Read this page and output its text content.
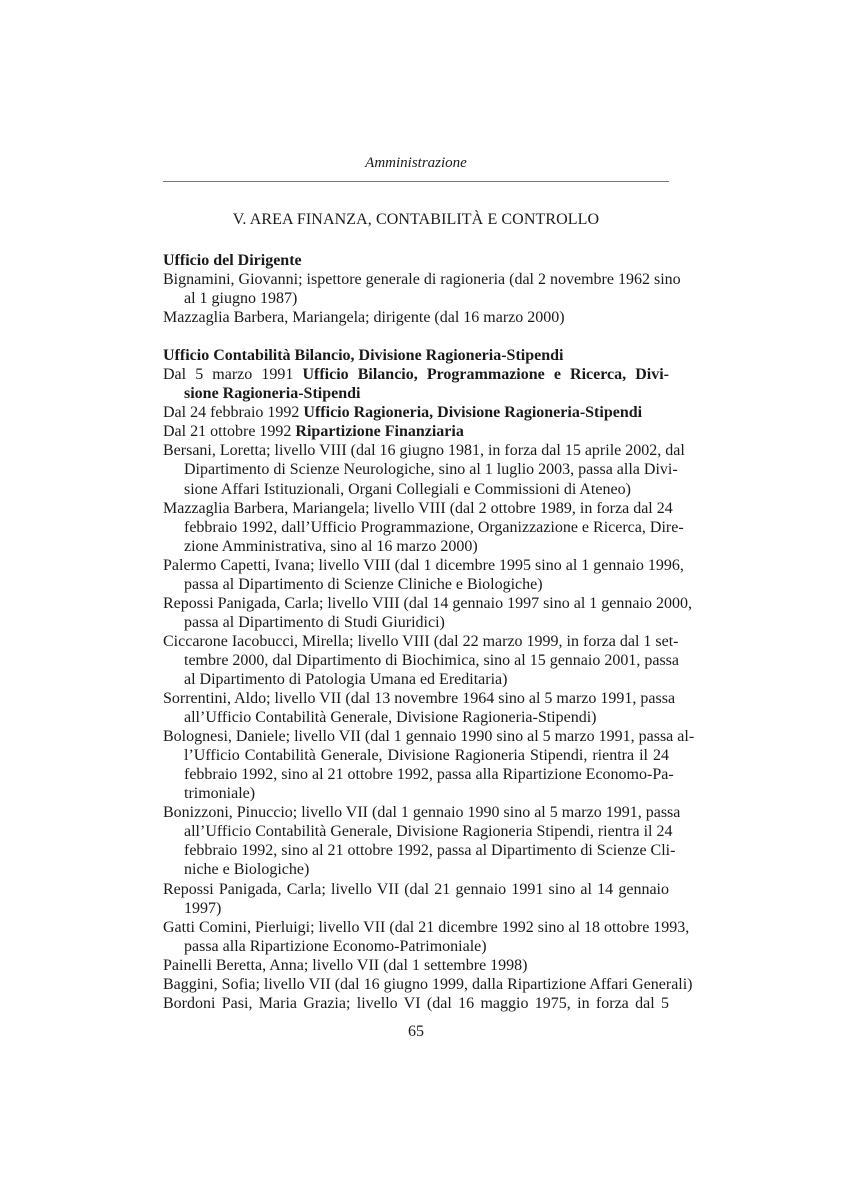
Amministrazione
V. AREA FINANZA, CONTABILITÀ E CONTROLLO
Ufficio del Dirigente
Bignamini, Giovanni; ispettore generale di ragioneria (dal 2 novembre 1962 sino
al 1 giugno 1987)
Mazzaglia Barbera, Mariangela; dirigente (dal 16 marzo 2000)
Ufficio Contabilità Bilancio, Divisione Ragioneria-Stipendi
Dal 5 marzo 1991 Ufficio Bilancio, Programmazione e Ricerca, Divi-
sione Ragioneria-Stipendi
Dal 24 febbraio 1992 Ufficio Ragioneria, Divisione Ragioneria-Stipendi
Dal 21 ottobre 1992 Ripartizione Finanziaria
Bersani, Loretta; livello VIII (dal 16 giugno 1981, in forza dal 15 aprile 2002, dal
Dipartimento di Scienze Neurologiche, sino al 1 luglio 2003, passa alla Divi-
sione Affari Istituzionali, Organi Collegiali e Commissioni di Ateneo)
Mazzaglia Barbera, Mariangela; livello VIII (dal 2 ottobre 1989, in forza dal 24
febbraio 1992, dall’Ufficio Programmazione, Organizzazione e Ricerca, Dire-
zione Amministrativa, sino al 16 marzo 2000)
Palermo Capetti, Ivana; livello VIII (dal 1 dicembre 1995 sino al 1 gennaio 1996,
passa al Dipartimento di Scienze Cliniche e Biologiche)
Repossi Panigada, Carla; livello VIII (dal 14 gennaio 1997 sino al 1 gennaio 2000,
passa al Dipartimento di Studi Giuridici)
Ciccarone Iacobucci, Mirella; livello VIII (dal 22 marzo 1999, in forza dal 1 set-
tembre 2000, dal Dipartimento di Biochimica, sino al 15 gennaio 2001, passa
al Dipartimento di Patologia Umana ed Ereditaria)
Sorrentini, Aldo; livello VII (dal 13 novembre 1964 sino al 5 marzo 1991, passa
all’Ufficio Contabilità Generale, Divisione Ragioneria-Stipendi)
Bolognesi, Daniele; livello VII (dal 1 gennaio 1990 sino al 5 marzo 1991, passa al-
l’Ufficio Contabilità Generale, Divisione Ragioneria Stipendi, rientra il 24
febbraio 1992, sino al 21 ottobre 1992, passa alla Ripartizione Economo-Pa-
trimoniale)
Bonizzoni, Pinuccio; livello VII (dal 1 gennaio 1990 sino al 5 marzo 1991, passa
all’Ufficio Contabilità Generale, Divisione Ragioneria Stipendi, rientra il 24
febbraio 1992, sino al 21 ottobre 1992, passa al Dipartimento di Scienze Cli-
niche e Biologiche)
Repossi Panigada, Carla; livello VII (dal 21 gennaio 1991 sino al 14 gennaio
1997)
Gatti Comini, Pierluigi; livello VII (dal 21 dicembre 1992 sino al 18 ottobre 1993,
passa alla Ripartizione Economo-Patrimoniale)
Painelli Beretta, Anna; livello VII (dal 1 settembre 1998)
Baggini, Sofia; livello VII (dal 16 giugno 1999, dalla Ripartizione Affari Generali)
Bordoni Pasi, Maria Grazia; livello VI (dal 16 maggio 1975, in forza dal 5
65
